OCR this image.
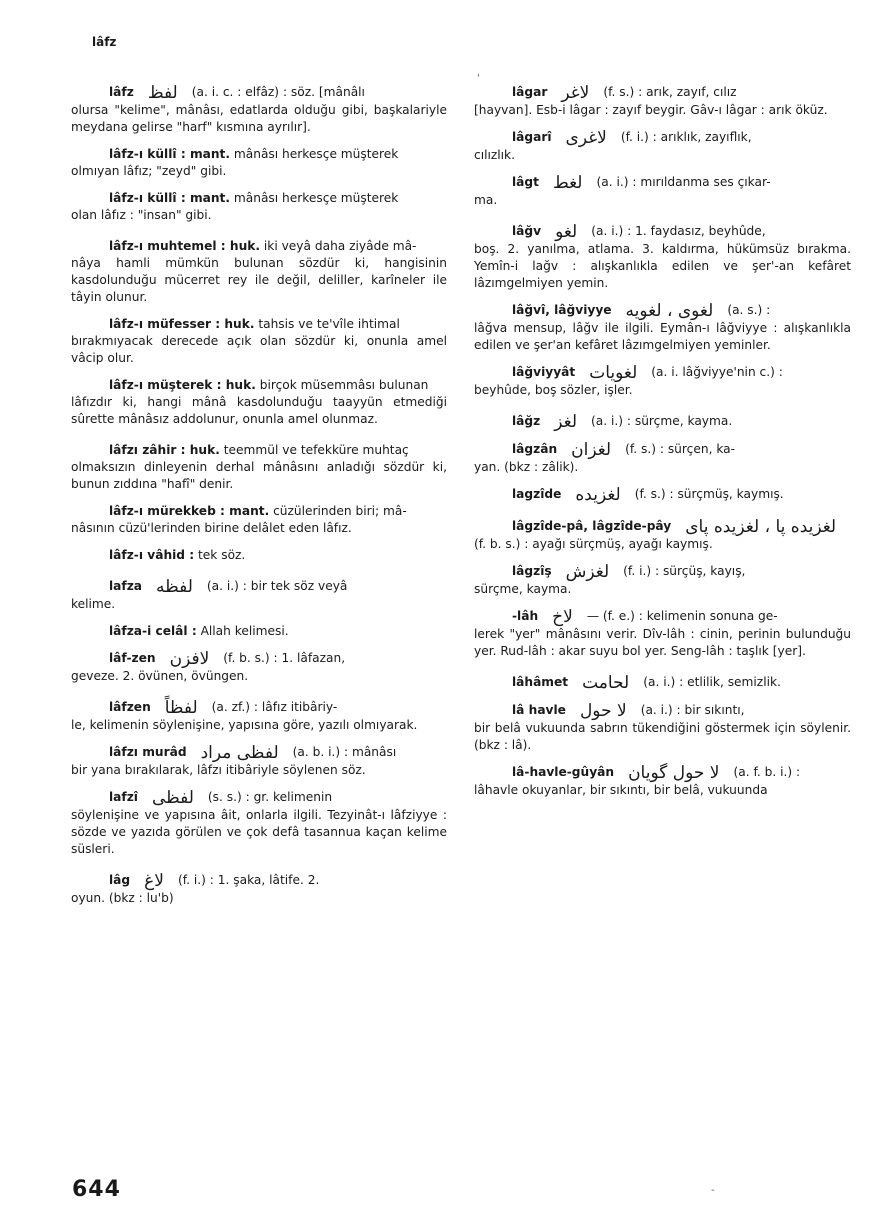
lâfz
lâfz لفظ (a. i. c. : elfâz) : söz. [mânâlı
olursa "kelime", mânâsı, edatlarda olduğu gibi, başkalariyle meydana gelirse "harf" kısmına ayrılır].
lâfz-ı küllî : mant. mânâsı herkesçe müşterek
olmıyan lâfız; "zeyd" gibi.
lâfz-ı küllî : mant. mânâsı herkesçe müşterek
olan lâfız : "insan" gibi.
lâfz-ı muhtemel : huk. iki veyâ daha ziyâde mâ-
nâya hamli mümkün bulunan sözdür ki, hangisinin kasdolunduğu mücerret rey ile değil, deliller, karîneler ile tâyin olunur.
lâfz-ı müfesser : huk. tahsis ve te'vîle ihtimal
bırakmıyacak derecede açık olan sözdür ki, onunla amel vâcip olur.
lâfz-ı müşterek : huk. birçok müsemmâsı bulunan
lâfızdır ki, hangi mânâ kasdolunduğu taayyün etmediği sûrette mânâsız addolunur, onunla amel olunmaz.
lâfzı zâhir : huk. teemmül ve tefekküre muhtaç
olmaksızın dinleyenin derhal mânâsını anladığı sözdür ki, bunun zıddına "hafî" denir.
lâfz-ı mürekkeb : mant. cüzülerinden biri; mâ-
nâsının cüzü'lerinden birine delâlet eden lâfız.
lâfz-ı vâhid : tek söz.
lafza لفظه (a. i.) : bir tek söz veyâ
kelime.
lâfza-i celâl : Allah kelimesi.
lâf-zen لافزن (f. b. s.) : 1. lâfazan,
geveze. 2. övünen, övüngen.
lâfzen لفظاً (a. zf.) : lâfız itibâriy-
le, kelimenin söylenişine, yapısına göre, yazılı olmıyarak.
lâfzı murâd لفظی مراد (a. b. i.) : mânâsı
bir yana bırakılarak, lâfzı itibâriyle söylenen söz.
lafzî لفظی (s. s.) : gr. kelimenin
söylenişine ve yapısına âit, onlarla ilgili. Tezyinât-ı lâfziyye : sözde ve yazıda görülen ve çok defâ tasannua kaçan kelime süsleri.
lâg لاغ (f. i.) : 1. şaka, lâtife. 2.
oyun. (bkz : lu'b)
lâgar لاغر (f. s.) : arık, zayıf, cılız
[hayvan]. Esb-i lâgar : zayıf beygir. Gâv-ı lâgar : arık öküz.
lâgarî لاغری (f. i.) : arıklık, zayıflık,
cılızlık.
lâgt لغط (a. i.) : mırıldanma ses çıkar-
ma.
lâğv لغو (a. i.) : 1. faydasız, beyhûde,
boş. 2. yanılma, atlama. 3. kaldırma, hükümsüz bırakma. Yemîn-i lağv : alışkanlıkla edilen ve şer'-an kefâret lâzımgelmiyen yemin.
lâğvî, lâğviyye لغوی ، لغویه (a. s.) :
lâğva mensup, lâğv ile ilgili. Eymân-ı lâğviyye : alışkanlıkla edilen ve şer'an kefâret lâzımgelmiyen yeminler.
lâğviyyât لغویات (a. i. lâğviyye'nin c.) :
beyhûde, boş sözler, işler.
lâğz لغز (a. i.) : sürçme, kayma.
lâgzân لغزان (f. s.) : sürçen, ka-
yan. (bkz : zâlik).
lagzîde لغزیده (f. s.) : sürçmüş, kaymış.
lâgzîde-pâ, lâgzîde-pây لغزیده پا ، لغزیده پای
(f. b. s.) : ayağı sürçmüş, ayağı kaymış.
lâgzîş لغزش (f. i.) : sürçüş, kayış,
sürçme, kayma.
-lâh لاخ — (f. e.) : kelimenin sonuna ge-
lerek "yer" mânâsını verir. Dîv-lâh : cinin, perinin bulunduğu yer. Rud-lâh : akar suyu bol yer. Seng-lâh : taşlık [yer].
lâhâmet لحامت (a. i.) : etlilik, semizlik.
lâ havle لا حول (a. i.) : bir sıkıntı,
bir belâ vukuunda sabrın tükendiğini göstermek için söylenir. (bkz : lâ).
lâ-havle-gûyân لا حول گویان (a. f. b. i.) :
lâhavle okuyanlar, bir sıkıntı, bir belâ, vukuunda
644
'
-
